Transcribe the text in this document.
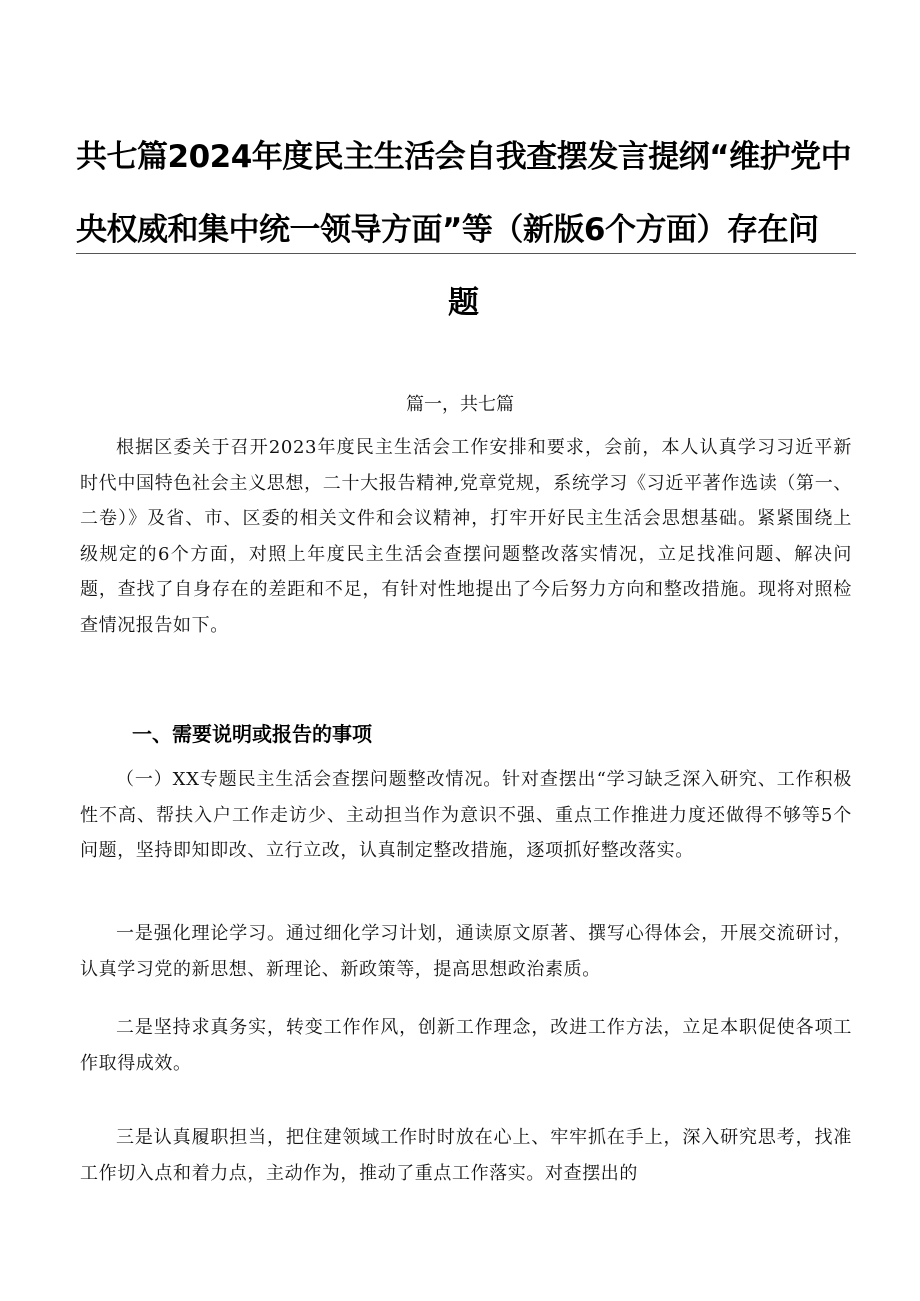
共七篇2024年度民主生活会自我查摆发言提纲“维护党中
央权威和集中统一领导方面”等（新版6个方面）存在问
题
篇一，共七篇

根据区委关于召开2023年度民主生活会工作安排和要求，会前，本人认真学习习近平新时代中国特色社会主义思想，二十大报告精神,党章党规，系统学习《习近平著作选读（第一、二卷）》及省、市、区委的相关文件和会议精神，打牢开好民主生活会思想基础。紧紧围绕上级规定的6个方面，对照上年度民主生活会查摆问题整改落实情况，立足找准问题、解决问题，查找了自身存在的差距和不足，有针对性地提出了今后努力方向和整改措施。现将对照检查情况报告如下。

一、需要说明或报告的事项

（一）XX专题民主生活会查摆问题整改情况。针对查摆出“学习缺乏深入研究、工作积极性不高、帮扶入户工作走访少、主动担当作为意识不强、重点工作推进力度还做得不够等5个问题，坚持即知即改、立行立改，认真制定整改措施，逐项抓好整改落实。

一是强化理论学习。通过细化学习计划，通读原文原著、撰写心得体会，开展交流研讨，认真学习党的新思想、新理论、新政策等，提高思想政治素质。

二是坚持求真务实，转变工作作风，创新工作理念，改进工作方法，立足本职促使各项工作取得成效。

三是认真履职担当，把住建领域工作时时放在心上、牢牢抓在手上，深入研究思考，找准工作切入点和着力点，主动作为，推动了重点工作落实。对查摆出的
